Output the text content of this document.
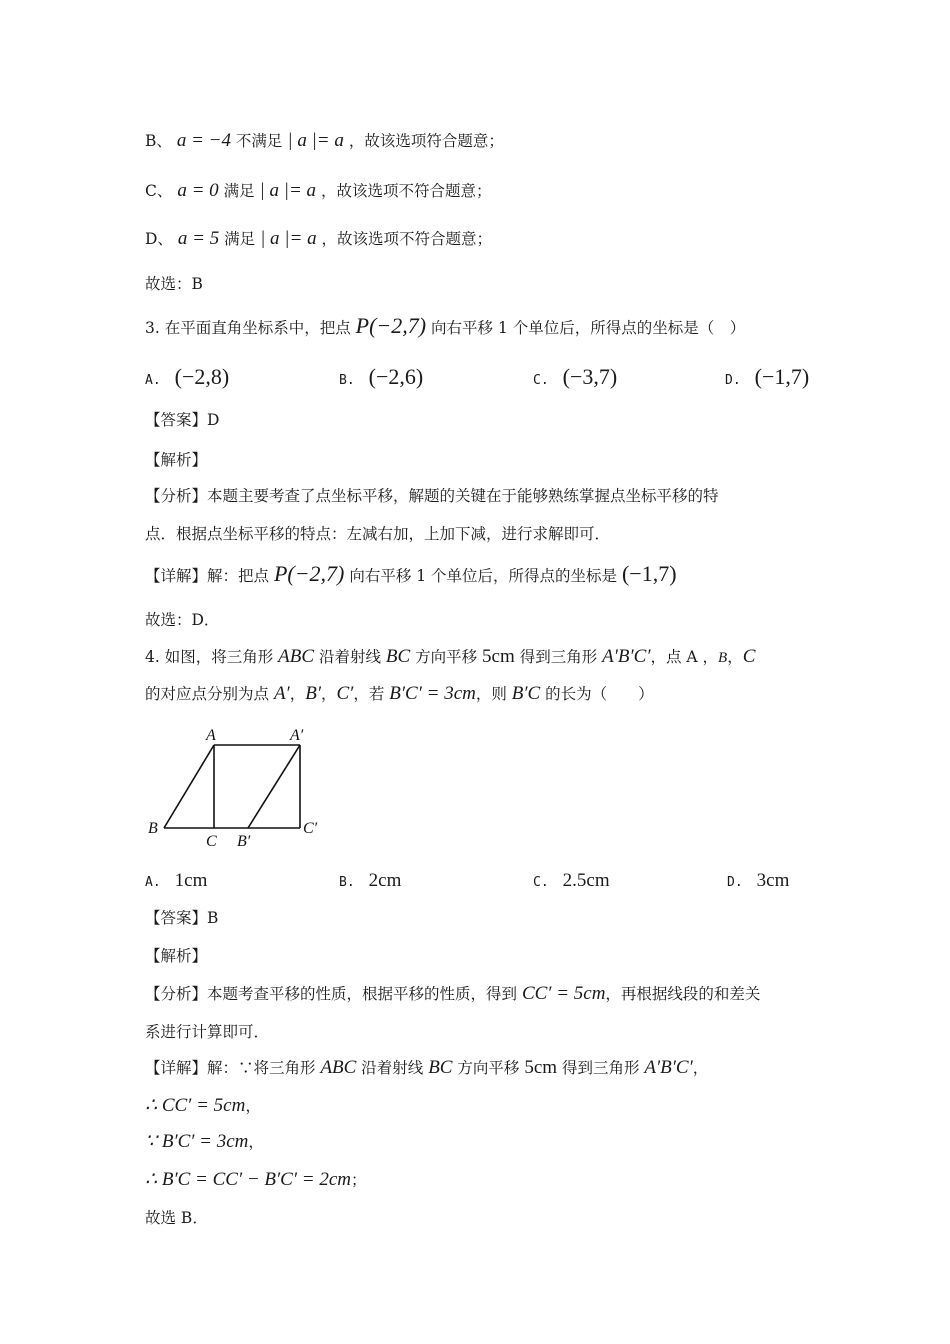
B、 a = −4 不满足 | a |= a ，故该选项符合题意；
C、 a = 0 满足 | a |= a ，故该选项不符合题意；
D、 a = 5 满足 | a |= a ，故该选项不符合题意；
故选：B
3. 在平面直角坐标系中，把点 P(−2,7) 向右平移 1 个单位后，所得点的坐标是（　）
A. (−2,8)	B. (−2,6)	C. (−3,7)	D. (−1,7)
【答案】D
【解析】
【分析】本题主要考查了点坐标平移，解题的关键在于能够熟练掌握点坐标平移的特
点．根据点坐标平移的特点：左减右加，上加下减，进行求解即可．
【详解】解：把点 P(−2,7) 向右平移 1 个单位后，所得点的坐标是 (−1,7)
故选：D．
4. 如图，将三角形 ABC 沿着射线 BC 方向平移 5cm 得到三角形 A′B′C′，点 A ，B，C
的对应点分别为点 A′，B′，C′，若 B′C′ = 3cm，则 B′C 的长为（　　）
A	A′
B
C B′
C′
A. 1cm	B. 2cm	C. 2.5cm	D. 3cm
【答案】B
【解析】
【分析】本题考查平移的性质，根据平移的性质，得到 CC′ = 5cm，再根据线段的和差关
系进行计算即可．
【详解】解：∵将三角形 ABC 沿着射线 BC 方向平移 5cm 得到三角形 A′B′C′，
∴ CC′ = 5cm，
∵ B′C′ = 3cm，
∴ B′C = CC′ − B′C′ = 2cm；
故选 B．
